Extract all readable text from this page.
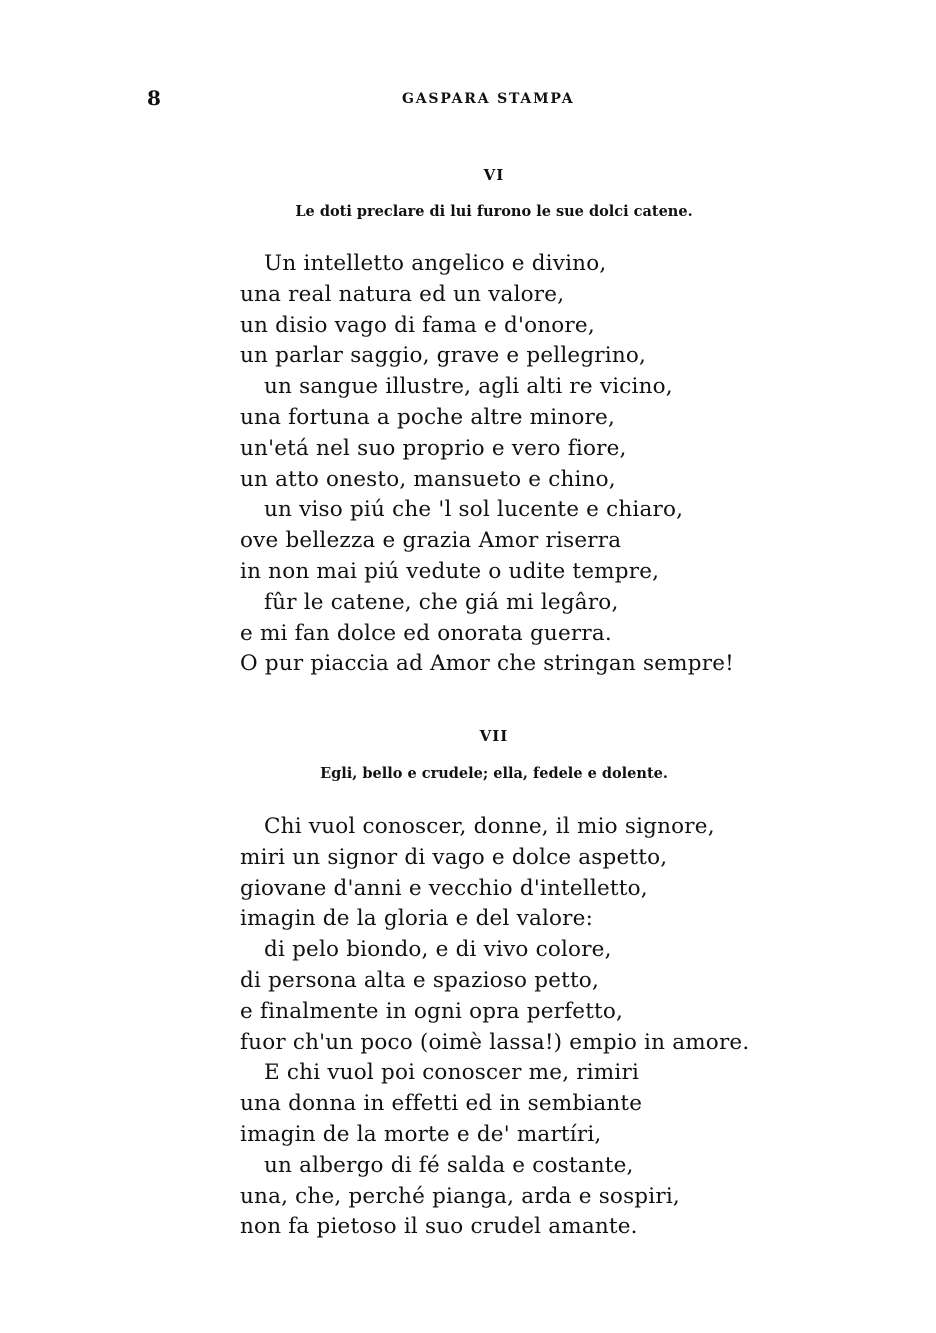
8	GASPARA STAMPA
VI
Le doti preclare di lui furono le sue dolci catene.
Un intelletto angelico e divino,
una real natura ed un valore,
un disio vago di fama e d'onore,
un parlar saggio, grave e pellegrino,
un sangue illustre, agli alti re vicino,
una fortuna a poche altre minore,
un'etá nel suo proprio e vero fiore,
un atto onesto, mansueto e chino,
un viso piú che 'l sol lucente e chiaro,
ove bellezza e grazia Amor riserra
in non mai piú vedute o udite tempre,
fûr le catene, che giá mi legâro,
e mi fan dolce ed onorata guerra.
O pur piaccia ad Amor che stringan sempre!
VII
Egli, bello e crudele; ella, fedele e dolente.
Chi vuol conoscer, donne, il mio signore,
miri un signor di vago e dolce aspetto,
giovane d'anni e vecchio d'intelletto,
imagin de la gloria e del valore:
di pelo biondo, e di vivo colore,
di persona alta e spazioso petto,
e finalmente in ogni opra perfetto,
fuor ch'un poco (oimè lassa!) empio in amore.
E chi vuol poi conoscer me, rimiri
una donna in effetti ed in sembiante
imagin de la morte e de' martíri,
un albergo di fé salda e costante,
una, che, perché pianga, arda e sospiri,
non fa pietoso il suo crudel amante.
